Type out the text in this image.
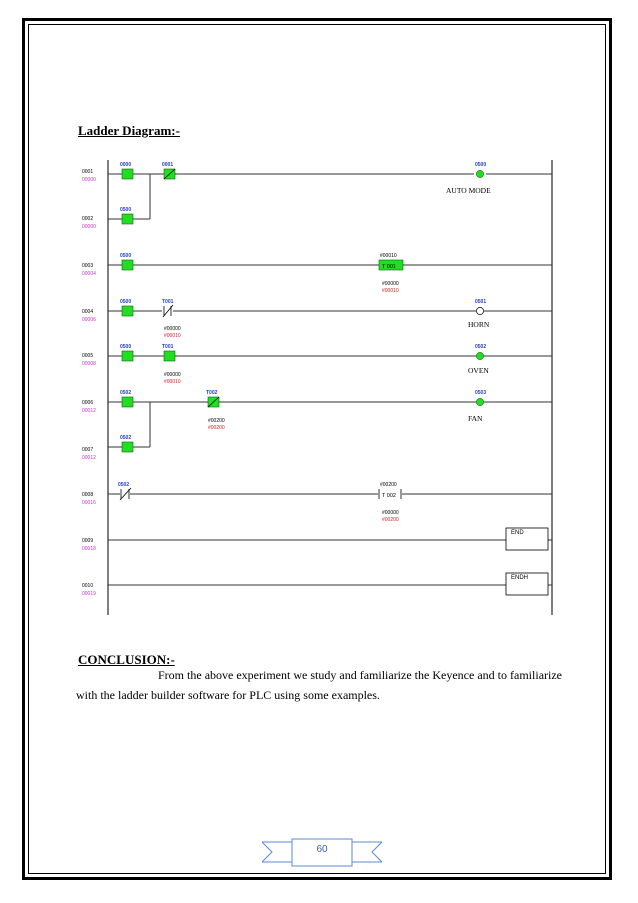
Ladder Diagram:-
0001
00000
0002
00000
0003
00004
0004
00006
0005
00008
0006
00012
0007
00012
0008
00016
0009
00018
0010
00019
0000	0001
0500
0500
AUTO MODE
0500	#00010
T 001
#00000
#00010
0500	T001
#00000
#00010
0501
HORN
0500	T001
#00000
#00010
0502
OVEN
0502
0502
T002
#00200
#00200
0503
FAN
0502	#00200
T 002
#00000
#00200
END
ENDH
CONCLUSION:-

From the above experiment we study and familiarize the Keyence and to familiarize with the ladder builder software for PLC using some examples.

60
